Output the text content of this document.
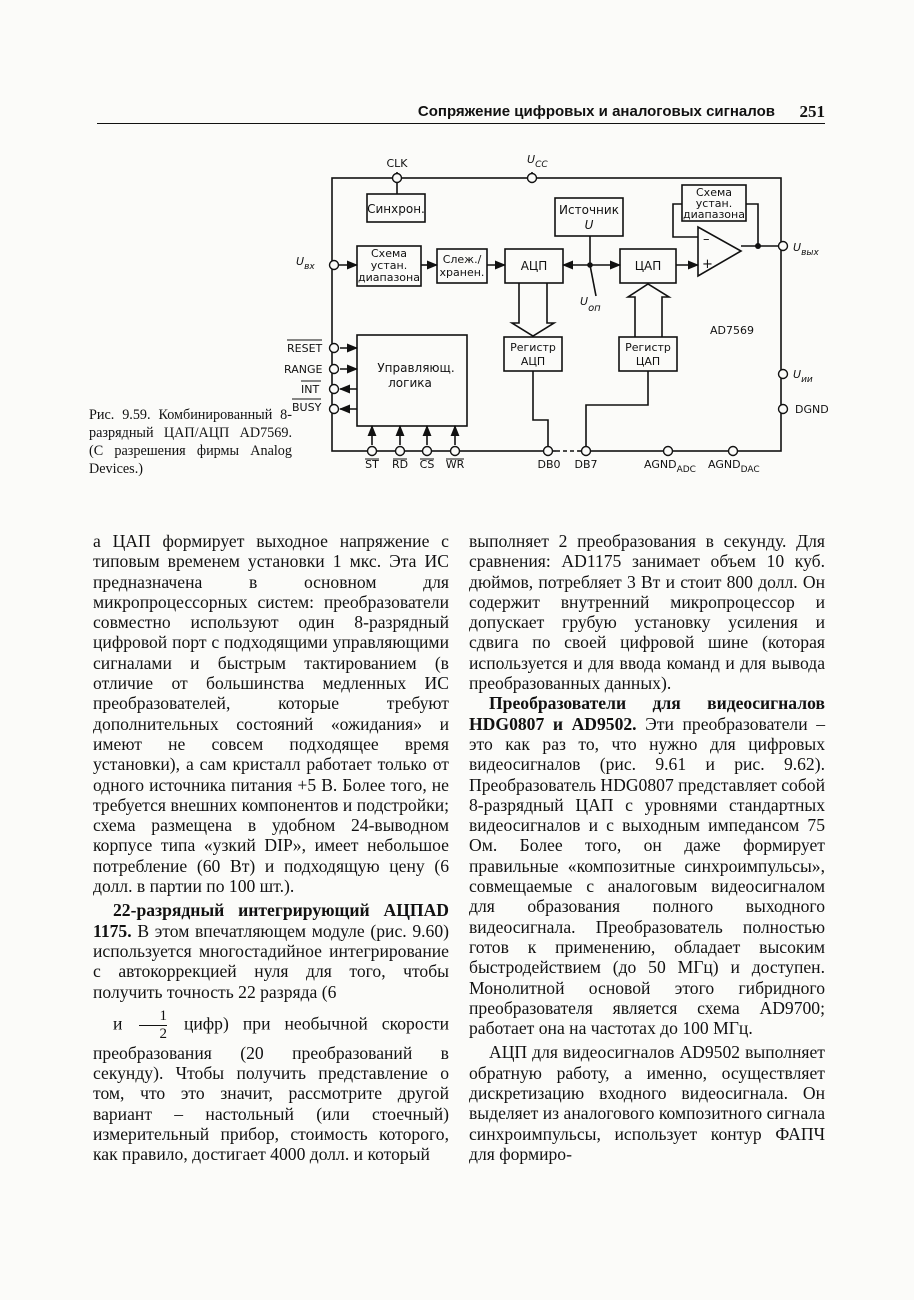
Сопряжение цифровых и аналоговых сигналов 251
Синхрон.	Источник
U
Схема
устан.
диапазона
Слеж./
хранен.	АЦП	ЦАП
Схема
устан.
диапазона
Регистр
АЦП
Регистр
ЦАП
Управляющ.
логика
–
+
AD7569
CLK	$U_{CC}$
$U_{вх}$
$U_{вых}$
Uоп
$U_{ии}$
DGND
RESET
RANGE
INT
BUSY
ST RD CS WR	DB0 DB7	$AGND_{ADC}$ $AGND_{DAC}$

Рис. 9.59. Комбинированный 8-разрядный ЦАП/АЦП AD7569. (С разрешения фирмы Analog Devices.)

а ЦАП формирует выходное напряжение с типовым временем установки 1 мкс. Эта ИС предназначена в основном для микропроцессорных систем: преобразователи совместно используют один 8-разрядный цифровой порт с подходящими управляющими сигналами и быстрым тактированием (в отличие от большинства медленных ИС преобразователей, которые требуют дополнительных состояний «ожидания» и имеют не совсем подходящее время установки), а сам кристалл работает только от одного источника питания +5 В. Более того, не требуется внешних компонентов и подстройки; схема размещена в удобном 24-выводном корпусе типа «узкий DIP», имеет небольшое потребление (60 Вт) и подходящую цену (6 долл. в партии по 100 шт.).

22-разрядный интегрирующий АЦПAD 1175. В этом впечатляющем модуле (рис. 9.60) используется многостадийное интегрирование с автокоррекцией нуля для того, чтобы получить точность 22 разряда (6
и $\frac{1}{2}$ цифр) при необычной скорости преобразования (20 преобразований в секунду). Чтобы получить представление о том, что это значит, рассмотрите другой вариант – настольный (или стоечный) измерительный прибор, стоимость которого, как правило, достигает 4000 долл. и который

выполняет 2 преобразования в секунду. Для сравнения: AD1175 занимает объем 10 куб. дюймов, потребляет 3 Вт и стоит 800 долл. Он содержит внутренний микропроцессор и допускает грубую установку усиления и сдвига по своей цифровой шине (которая используется и для ввода команд и для вывода преобразованных данных).

Преобразователи для видеосигналов HDG0807 и AD9502. Эти преобразователи – это как раз то, что нужно для цифровых видеосигналов (рис. 9.61 и рис. 9.62). Преобразователь HDG0807 представляет собой 8-разрядный ЦАП с уровнями стандартных видеосигналов и с выходным импедансом 75 Ом. Более того, он даже формирует правильные «композитные синхроимпульсы», совмещаемые с аналоговым видеосигналом для образования полного выходного видеосигнала. Преобразователь полностью готов к применению, обладает высоким быстродействием (до 50 МГц) и доступен. Монолитной основой этого гибридного преобразователя является схема AD9700; работает она на частотах до 100 МГц.

АЦП для видеосигналов AD9502 выполняет обратную работу, а именно, осуществляет дискретизацию входного видеосигнала. Он выделяет из аналогового композитного сигнала синхроимпульсы, использует контур ФАПЧ для формиро-
